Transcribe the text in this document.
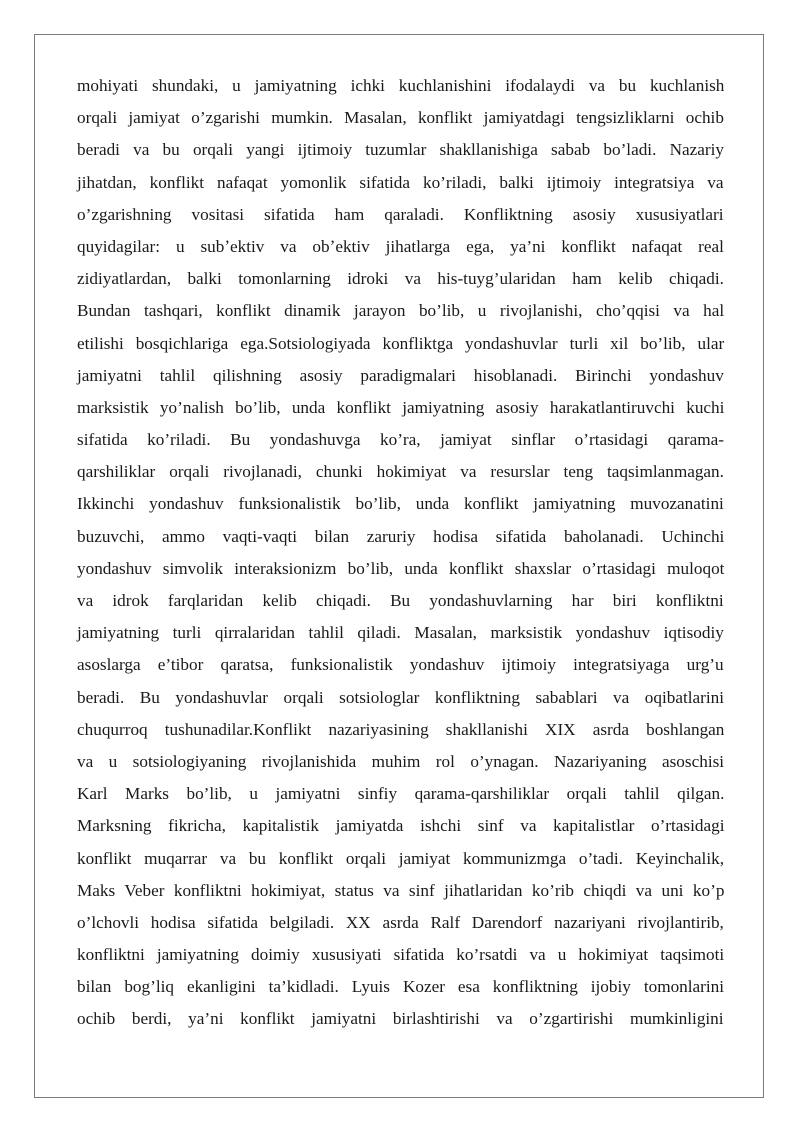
mohiyati shundaki, u jamiyatning ichki kuchlanishini ifodalaydi va bu kuchlanish
orqali jamiyat o’zgarishi mumkin. Masalan, konflikt jamiyatdagi tengsizliklarni ochib
beradi va bu orqali yangi ijtimoiy tuzumlar shakllanishiga sabab bo’ladi. Nazariy
jihatdan, konflikt nafaqat yomonlik sifatida ko’riladi, balki ijtimoiy integratsiya va
o’zgarishning vositasi sifatida ham qaraladi. Konfliktning asosiy xususiyatlari
quyidagilar: u subʼektiv va obʼektiv jihatlarga ega, ya’ni konflikt nafaqat real
zidiyatlardan, balki tomonlarning idroki va his-tuyg’ularidan ham kelib chiqadi.
Bundan tashqari, konflikt dinamik jarayon bo’lib, u rivojlanishi, cho’qqisi va hal
etilishi bosqichlariga ega.Sotsiologiyada konfliktga yondashuvlar turli xil bo’lib, ular
jamiyatni tahlil qilishning asosiy paradigmalari hisoblanadi. Birinchi yondashuv
marksistik yo’nalish bo’lib, unda konflikt jamiyatning asosiy harakatlantiruvchi kuchi
sifatida ko’riladi. Bu yondashuvga ko’ra, jamiyat sinflar o’rtasidagi qarama-
qarshiliklar orqali rivojlanadi, chunki hokimiyat va resurslar teng taqsimlanmagan.
Ikkinchi yondashuv funksionalistik bo’lib, unda konflikt jamiyatning muvozanatini
buzuvchi, ammo vaqti-vaqti bilan zaruriy hodisa sifatida baholanadi. Uchinchi
yondashuv simvolik interaksionizm bo’lib, unda konflikt shaxslar o’rtasidagi muloqot
va idrok farqlaridan kelib chiqadi. Bu yondashuvlarning har biri konfliktni
jamiyatning turli qirralaridan tahlil qiladi. Masalan, marksistik yondashuv iqtisodiy
asoslarga e’tibor qaratsa, funksionalistik yondashuv ijtimoiy integratsiyaga urg’u
beradi. Bu yondashuvlar orqali sotsiologlar konfliktning sabablari va oqibatlarini
chuqurroq tushunadilar.Konflikt nazariyasining shakllanishi XIX asrda boshlangan
va u sotsiologiyaning rivojlanishida muhim rol o’ynagan. Nazariyaning asoschisi
Karl Marks bo’lib, u jamiyatni sinfiy qarama-qarshiliklar orqali tahlil qilgan.
Marksning fikricha, kapitalistik jamiyatda ishchi sinf va kapitalistlar o’rtasidagi
konflikt muqarrar va bu konflikt orqali jamiyat kommunizmga o’tadi. Keyinchalik,
Maks Veber konfliktni hokimiyat, status va sinf jihatlaridan ko’rib chiqdi va uni ko’p
o’lchovli hodisa sifatida belgiladi. XX asrda Ralf Darendorf nazariyani rivojlantirib,
konfliktni jamiyatning doimiy xususiyati sifatida ko’rsatdi va u hokimiyat taqsimoti
bilan bog’liq ekanligini ta’kidladi. Lyuis Kozer esa konfliktning ijobiy tomonlarini
ochib berdi, ya’ni konflikt jamiyatni birlashtirishi va o’zgartirishi mumkinligini
